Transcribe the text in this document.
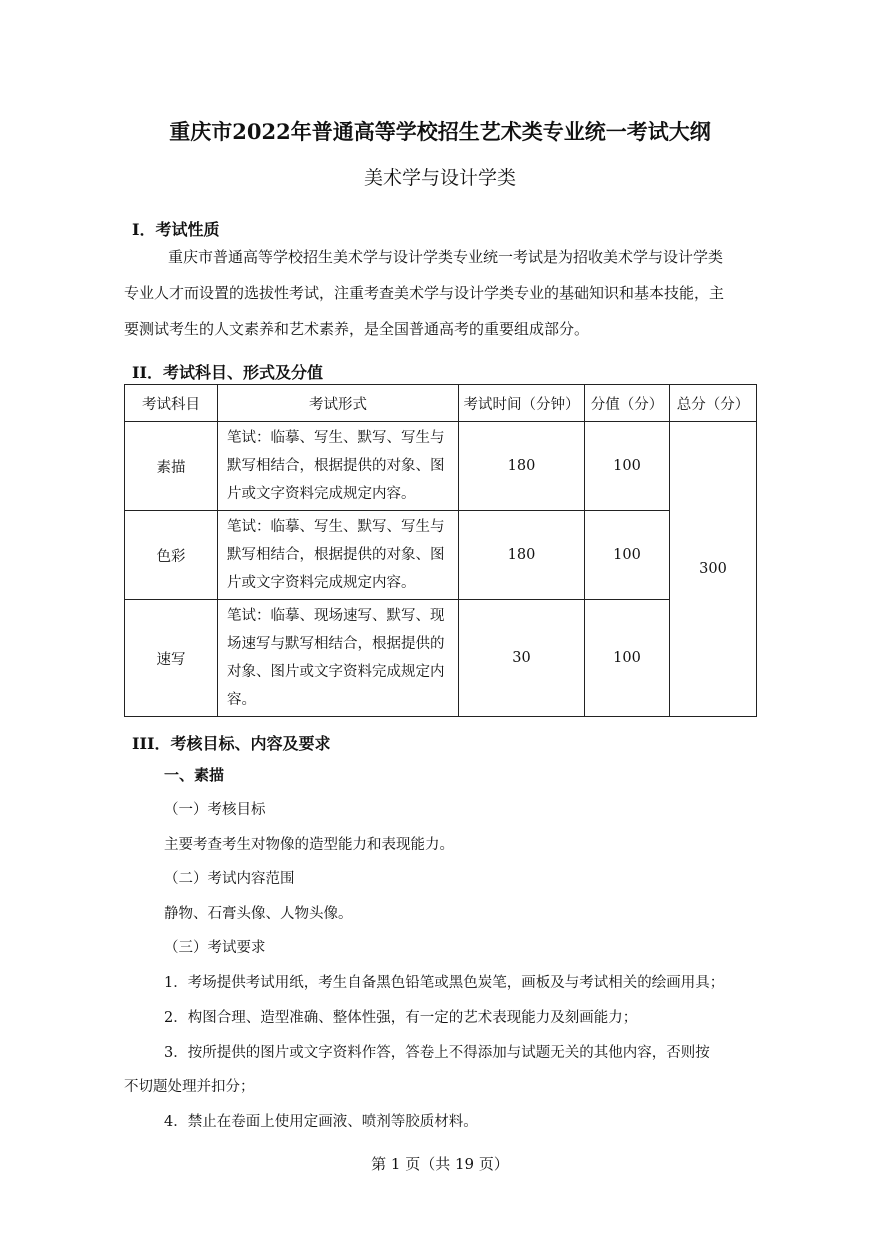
重庆市2022年普通高等学校招生艺术类专业统一考试大纲
美术学与设计学类
I．考试性质
重庆市普通高等学校招生美术学与设计学类专业统一考试是为招收美术学与设计学类
专业人才而设置的选拔性考试，注重考查美术学与设计学类专业的基础知识和基本技能，主
要测试考生的人文素养和艺术素养，是全国普通高考的重要组成部分。
II．考试科目、形式及分值
考试科目	考试形式	考试时间（分钟）	分值（分）	总分（分）
素描	笔试：临摹、写生、默写、写生与默写相结合，根据提供的对象、图片或文字资料完成规定内容。	180	100	300
色彩	笔试：临摹、写生、默写、写生与默写相结合，根据提供的对象、图片或文字资料完成规定内容。	180	100	
速写	笔试：临摹、现场速写、默写、现场速写与默写相结合，根据提供的对象、图片或文字资料完成规定内容。	30	100	
III．考核目标、内容及要求
一、素描
（一）考核目标
主要考查考生对物像的造型能力和表现能力。
（二）考试内容范围
静物、石膏头像、人物头像。
（三）考试要求
1．考场提供考试用纸，考生自备黑色铅笔或黑色炭笔，画板及与考试相关的绘画用具；
2．构图合理、造型准确、整体性强，有一定的艺术表现能力及刻画能力；
3．按所提供的图片或文字资料作答，答卷上不得添加与试题无关的其他内容，否则按
不切题处理并扣分；
4．禁止在卷面上使用定画液、喷剂等胶质材料。
第 1 页（共 19 页）
